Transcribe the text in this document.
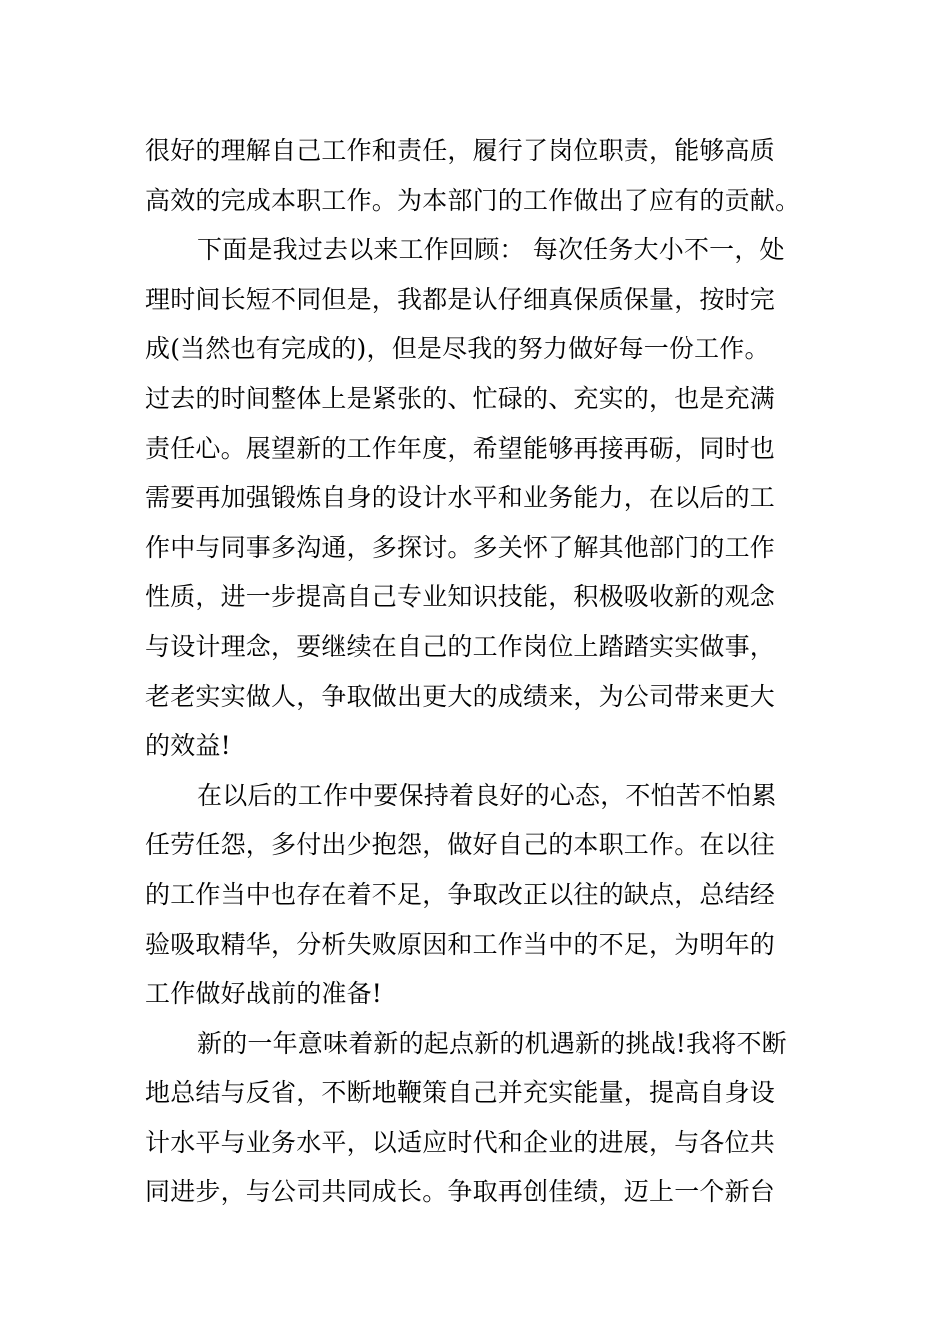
很好的理解自己工作和责任，履行了岗位职责，能够高质
高效的完成本职工作。为本部门的工作做出了应有的贡献。

下面是我过去以来工作回顾： 每次任务大小不一，处
理时间长短不同但是，我都是认仔细真保质保量，按时完
成(当然也有完成的)，但是尽我的努力做好每一份工作。
过去的时间整体上是紧张的、忙碌的、充实的，也是充满
责任心。展望新的工作年度，希望能够再接再砺，同时也
需要再加强锻炼自身的设计水平和业务能力，在以后的工
作中与同事多沟通，多探讨。多关怀了解其他部门的工作
性质，进一步提高自己专业知识技能，积极吸收新的观念
与设计理念，要继续在自己的工作岗位上踏踏实实做事，
老老实实做人，争取做出更大的成绩来，为公司带来更大
的效益!

在以后的工作中要保持着良好的心态，不怕苦不怕累
任劳任怨，多付出少抱怨，做好自己的本职工作。在以往
的工作当中也存在着不足，争取改正以往的缺点，总结经
验吸取精华，分析失败原因和工作当中的不足，为明年的
工作做好战前的准备!

新的一年意味着新的起点新的机遇新的挑战!我将不断
地总结与反省，不断地鞭策自己并充实能量，提高自身设
计水平与业务水平，以适应时代和企业的进展，与各位共
同进步，与公司共同成长。争取再创佳绩，迈上一个新台
